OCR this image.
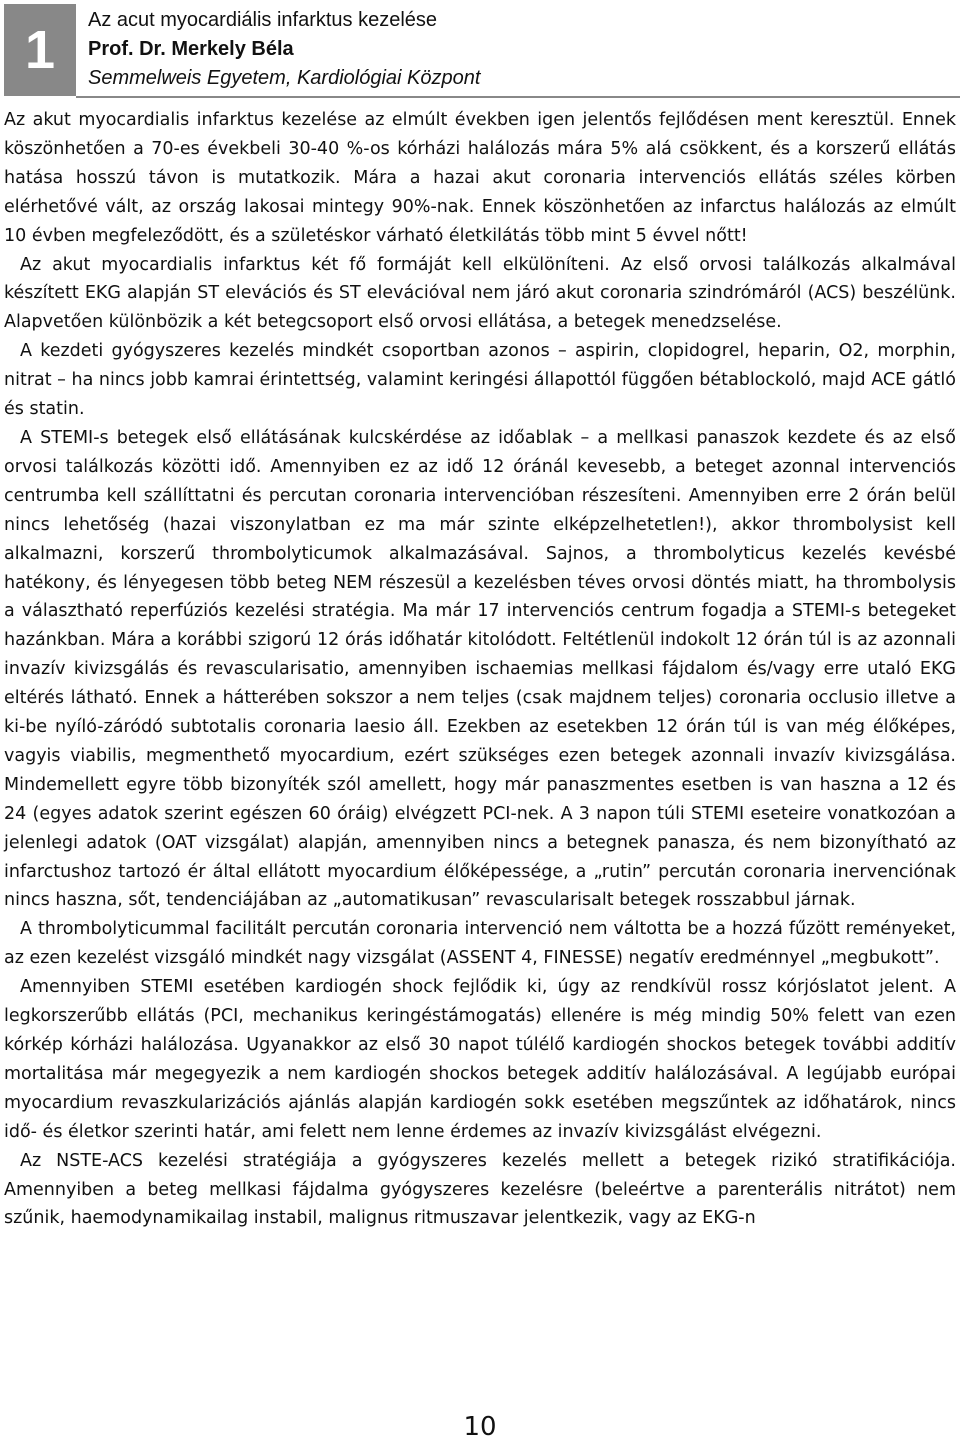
1	Az acut myocardiális infarktus kezelése
Prof. Dr. Merkely Béla
Semmelweis Egyetem, Kardiológiai Központ

Az akut myocardialis infarktus kezelése az elmúlt években igen jelentős fejlődésen ment keresztül. Ennek köszönhetően a 70-es évekbeli 30-40 %-os kórházi halálozás mára 5% alá csökkent, és a korszerű ellátás hatása hosszú távon is mutatkozik. Mára a hazai akut coronaria intervenciós ellátás széles körben elérhetővé vált, az ország lakosai mintegy 90%-nak. Ennek köszönhetően az infarctus halálozás az elmúlt 10 évben megfeleződött, és a születéskor várható életkilátás több mint 5 évvel nőtt!

Az akut myocardialis infarktus két fő formáját kell elkülöníteni. Az első orvosi találkozás alkalmával készített EKG alapján ST elevációs és ST elevációval nem járó akut coronaria szindrómáról (ACS) beszélünk. Alapvetően különbözik a két betegcsoport első orvosi ellátása, a betegek menedzselése.

A kezdeti gyógyszeres kezelés mindkét csoportban azonos – aspirin, clopidogrel, heparin, O2, morphin, nitrat – ha nincs jobb kamrai érintettség, valamint keringési állapottól függően bétablockoló, majd ACE gátló és statin.

A STEMI-s betegek első ellátásának kulcskérdése az időablak – a mellkasi panaszok kezdete és az első orvosi találkozás közötti idő. Amennyiben ez az idő 12 óránál kevesebb, a beteget azonnal intervenciós centrumba kell szállíttatni és percutan coronaria intervencióban részesíteni. Amennyiben erre 2 órán belül nincs lehetőség (hazai viszonylatban ez ma már szinte elképzelhetetlen!), akkor thrombolysist kell alkalmazni, korszerű thrombolyticumok alkalmazásával. Sajnos, a thrombolyticus kezelés kevésbé hatékony, és lényegesen több beteg NEM részesül a kezelésben téves orvosi döntés miatt, ha thrombolysis a választható reperfúziós kezelési stratégia. Ma már 17 intervenciós centrum fogadja a STEMI-s betegeket hazánkban. Mára a korábbi szigorú 12 órás időhatár kitolódott. Feltétlenül indokolt 12 órán túl is az azonnali invazív kivizsgálás és revascularisatio, amennyiben ischaemias mellkasi fájdalom és/vagy erre utaló EKG eltérés látható. Ennek a hátterében sokszor a nem teljes (csak majdnem teljes) coronaria occlusio illetve a ki-be nyíló-záródó subtotalis coronaria laesio áll. Ezekben az esetekben 12 órán túl is van még élőképes, vagyis viabilis, megmenthető myocardium, ezért szükséges ezen betegek azonnali invazív kivizsgálása. Mindemellett egyre több bizonyíték szól amellett, hogy már panaszmentes esetben is van haszna a 12 és 24 (egyes adatok szerint egészen 60 óráig) elvégzett PCI-nek. A 3 napon túli STEMI eseteire vonatkozóan a jelenlegi adatok (OAT vizsgálat) alapján, amennyiben nincs a betegnek panasza, és nem bizonyítható az infarctushoz tartozó ér által ellátott myocardium élőképessége, a „rutin” percután coronaria inervenciónak nincs haszna, sőt, tendenciájában az „automatikusan” revascularisalt betegek rosszabbul járnak.

A thrombolyticummal facilitált percután coronaria intervenció nem váltotta be a hozzá fűzött reményeket, az ezen kezelést vizsgáló mindkét nagy vizsgálat (ASSENT 4, FINESSE) negatív eredménnyel „megbukott”.

Amennyiben STEMI esetében kardiogén shock fejlődik ki, úgy az rendkívül rossz kórjóslatot jelent. A legkorszerűbb ellátás (PCI, mechanikus keringéstámogatás) ellenére is még mindig 50% felett van ezen kórkép kórházi halálozása. Ugyanakkor az első 30 napot túlélő kardiogén shockos betegek további additív mortalitása már megegyezik a nem kardiogén shockos betegek additív halálozásával. A legújabb európai myocardium revaszkularizációs ajánlás alapján kardiogén sokk esetében megszűntek az időhatárok, nincs idő- és életkor szerinti határ, ami felett nem lenne érdemes az invazív kivizsgálást elvégezni.

Az NSTE-ACS kezelési stratégiája a gyógyszeres kezelés mellett a betegek rizikó stratifikációja. Amennyiben a beteg mellkasi fájdalma gyógyszeres kezelésre (beleértve a parenterális nitrátot) nem szűnik, haemodynamikailag instabil, malignus ritmuszavar jelentkezik, vagy az EKG-n

10
